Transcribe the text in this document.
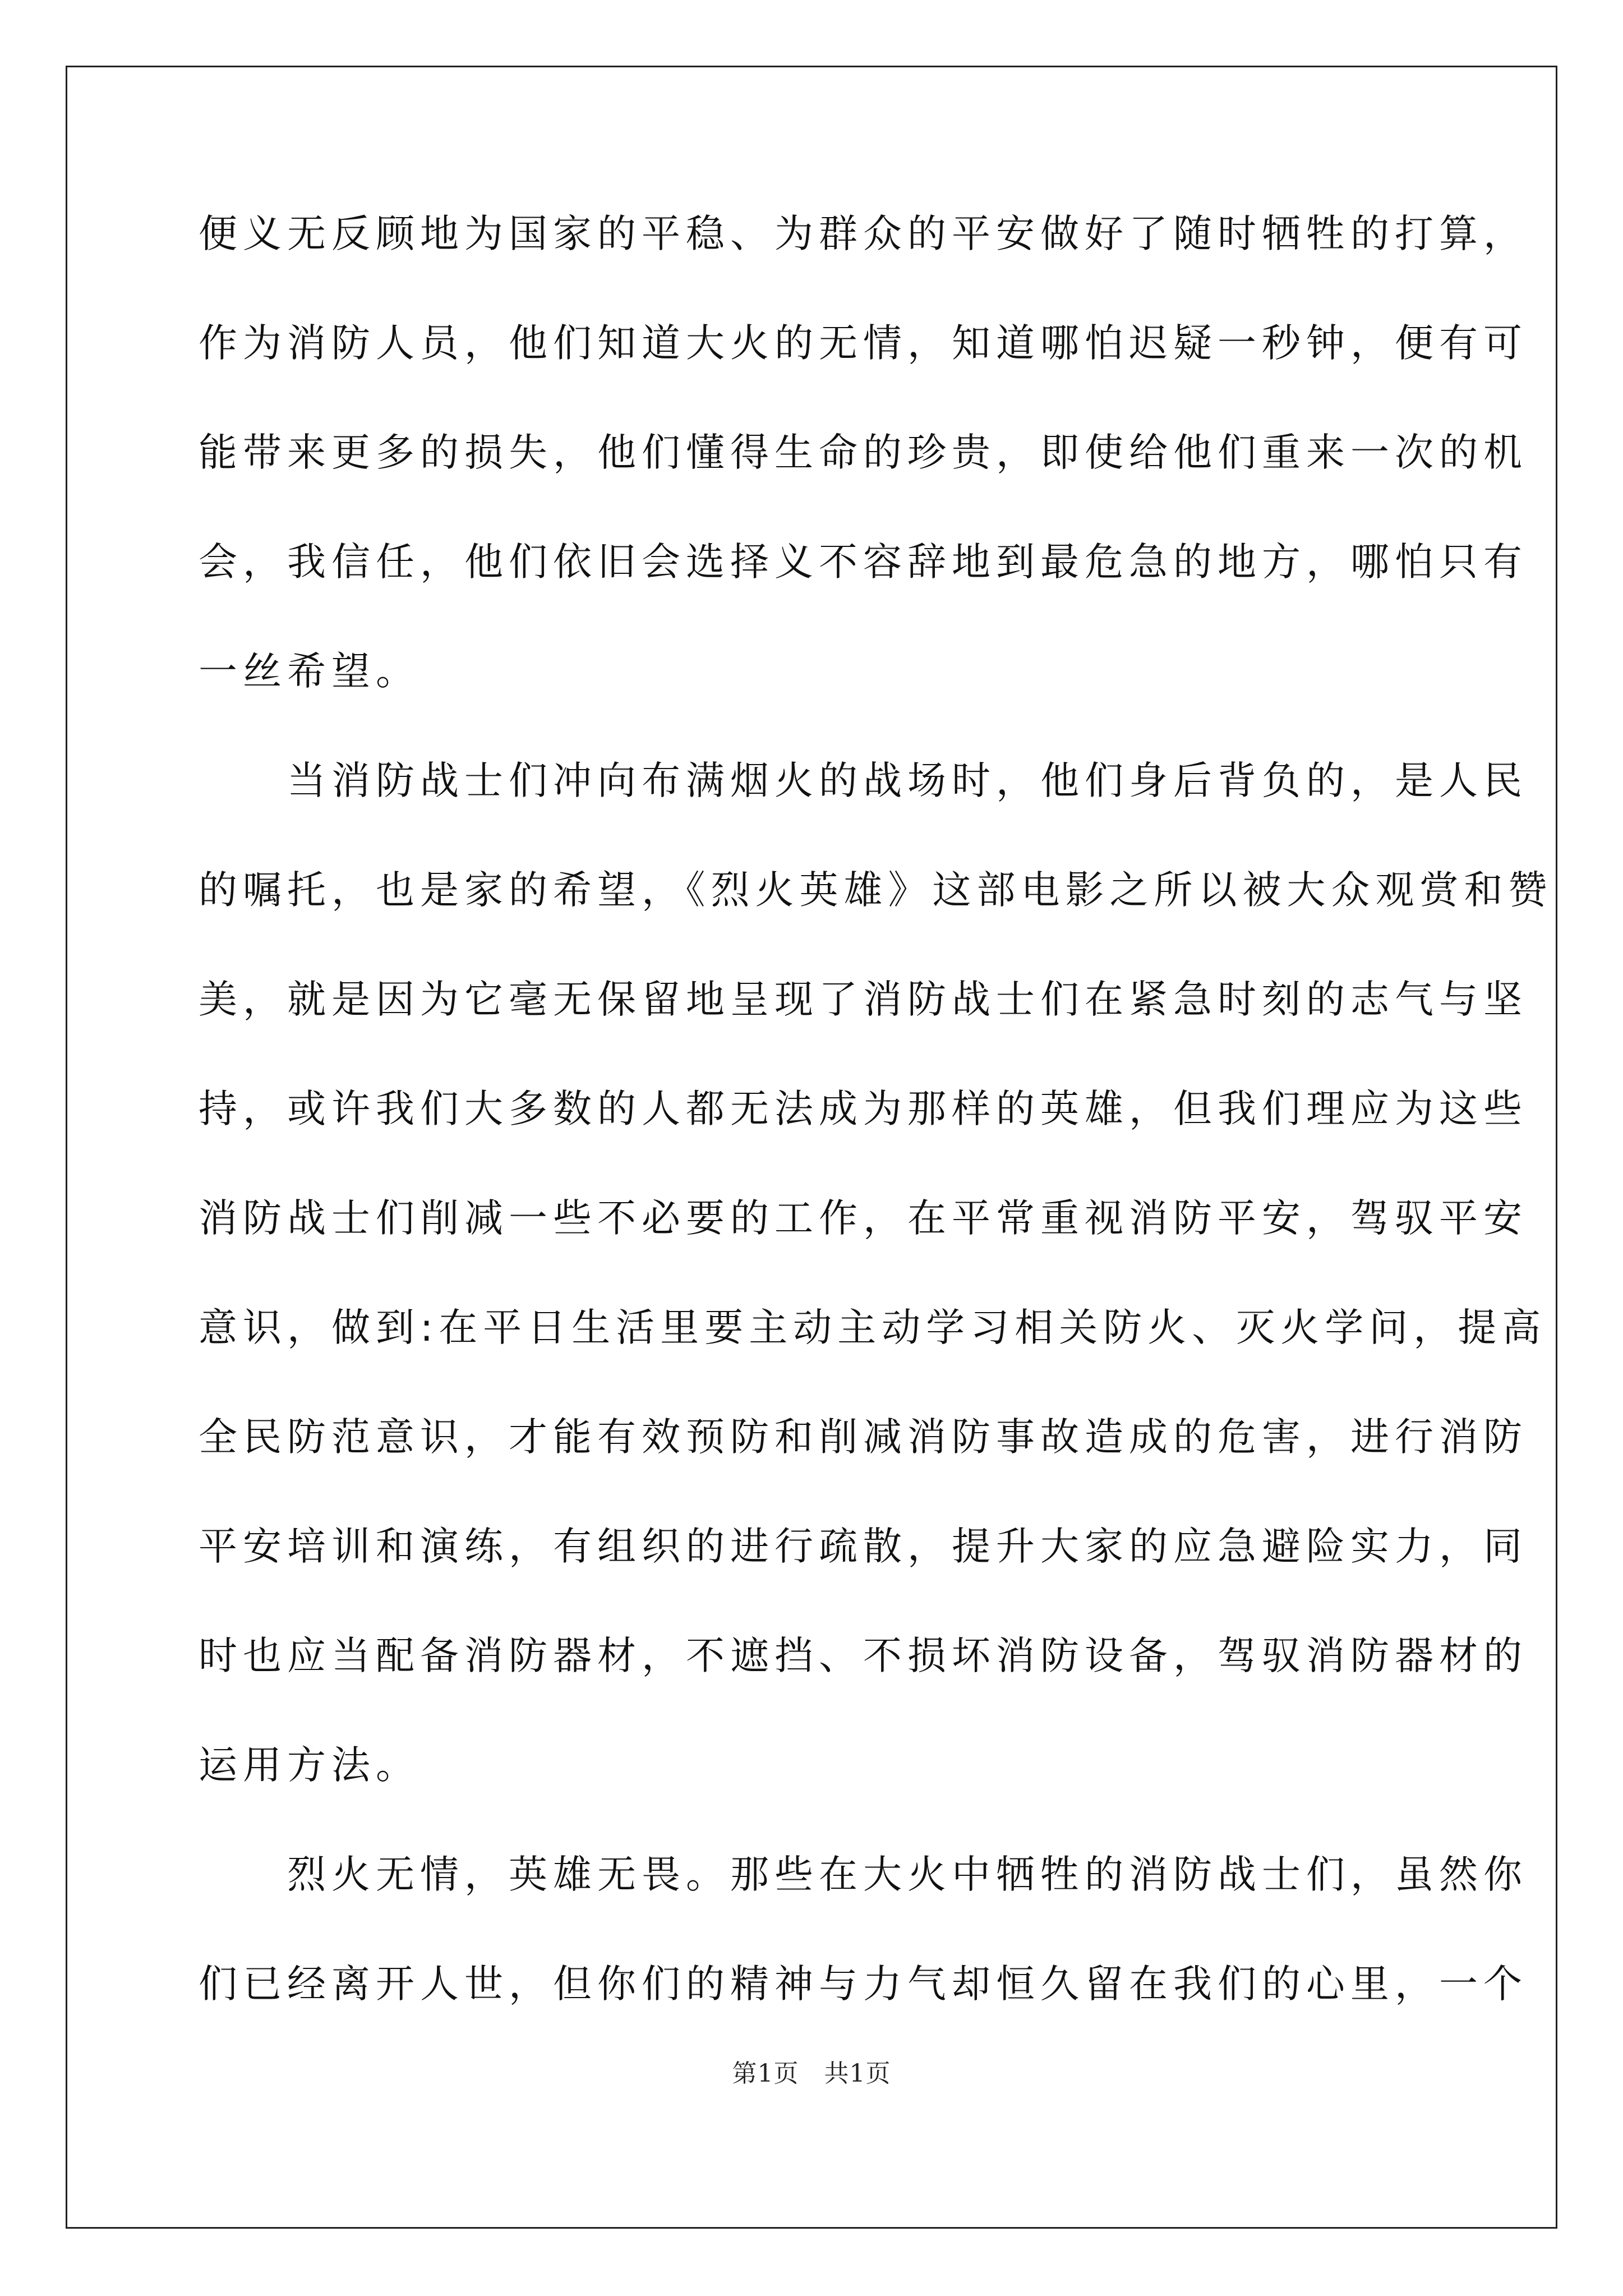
便义无反顾地为国家的平稳、为群众的平安做好了随时牺牲的打算，
作为消防人员，他们知道大火的无情，知道哪怕迟疑一秒钟，便有可
能带来更多的损失，他们懂得生命的珍贵，即使给他们重来一次的机
会，我信任，他们依旧会选择义不容辞地到最危急的地方，哪怕只有
一丝希望。
　　当消防战士们冲向布满烟火的战场时，他们身后背负的，是人民
的嘱托，也是家的希望，《烈火英雄》这部电影之所以被大众观赏和赞
美，就是因为它毫无保留地呈现了消防战士们在紧急时刻的志气与坚
持，或许我们大多数的人都无法成为那样的英雄，但我们理应为这些
消防战士们削减一些不必要的工作，在平常重视消防平安，驾驭平安
意识，做到:在平日生活里要主动主动学习相关防火、灭火学问，提高
全民防范意识，才能有效预防和削减消防事故造成的危害，进行消防
平安培训和演练，有组织的进行疏散，提升大家的应急避险实力，同
时也应当配备消防器材，不遮挡、不损坏消防设备，驾驭消防器材的
运用方法。
　　烈火无情，英雄无畏。那些在大火中牺牲的消防战士们，虽然你
们已经离开人世，但你们的精神与力气却恒久留在我们的心里，一个
第1页　共1页
